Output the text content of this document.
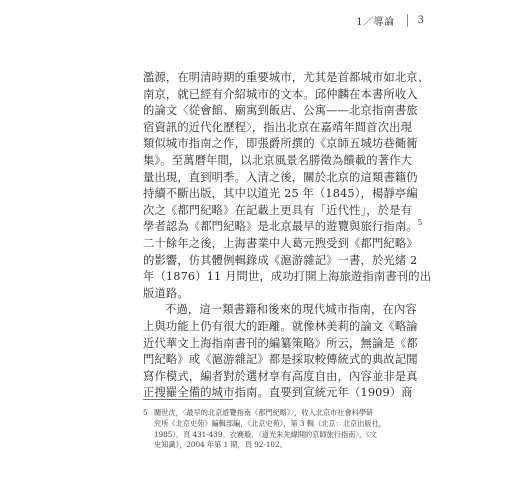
1／導論 3
濫源，在明清時期的重要城市，尤其是首都城市如北京、
南京，就已經有介紹城市的文本。邱仲麟在本書所收入
的論文〈從會館、廟寓到飯店、公寓——北京指南書旅
宿資訊的近代化歷程〉，指出北京在嘉靖年間首次出現
類似城市指南之作，即張爵所撰的《京師五城坊巷衚衕
集》。至萬曆年間，以北京風景名勝徵為饋載的著作大
量出現，直到明季。入清之後，關於北京的這類書籍仍
持續不斷出版，其中以道光 25 年（1845），楊靜亭編
次之《都門紀略》在記載上更具有「近代性」，於是有
學者認為《都門紀略》是北京最早的遊覽與旅行指南。$^5$
二十餘年之後，上海書業中人葛元煦受到《都門紀略》
的影響，仿其體例輯錄成《滬游雜記》一書，於光緒 2
年（1876）11 月問世，成功打開上海旅遊指南書刊的出
版道路。
不過，這一類書籍和後來的現代城市指南，在內容
上與功能上仍有很大的距離。就像林美莉的論文《略論
近代華文上海指南書刊的編纂策略》所云，無論是《都
門紀略》或《滬游雜記》都是採取較傳統式的典故記聞
寫作模式，編者對於選材享有高度自由，內容並非是真
正搜羅全備的城市指南。直要到宣統元年（1909）商
5 關世沈，〈最早的北京遊覽指南《都門紀略》〉，收入北京市社會科學研
究所《北京史苑》編輯部編，《北京史苑》，第 3 輯（北京：北京出版社，
1985），頁 431-439。衣賽璇，〈道光朱先緯開的京師旅行指南〉，《文
史知識》，2004 年第 1 期，頁 92-102。
